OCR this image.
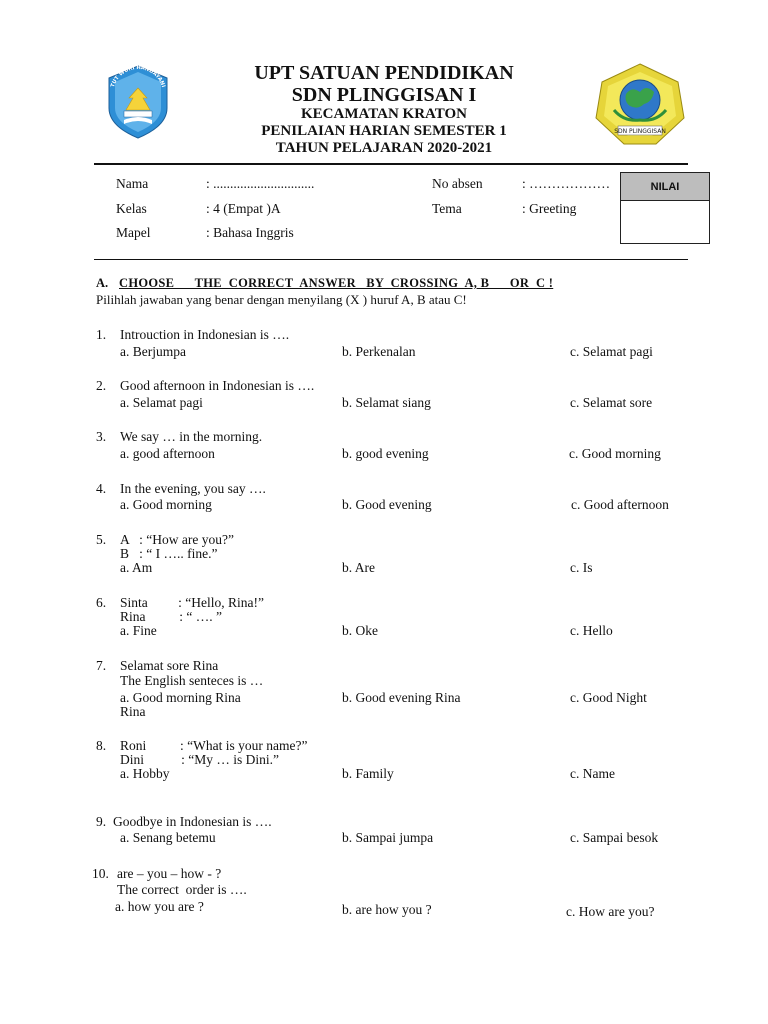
UPT SATUAN PENDIDIKAN
SDN PLINGGISAN I
KECAMATAN KRATON
PENILAIAN HARIAN SEMESTER 1
TAHUN PELAJARAN 2020-2021
TUT WURI HANDAYANI
SDN PLINGGISAN
Nama	: ..............................
Kelas	: 4 (Empat )A
Mapel	: Bahasa Inggris
No absen	: ………………
Tema	: Greeting
NILAI
A. CHOOSE      THE  CORRECT  ANSWER   BY  CROSSING  A, B      OR  C !
Pilihlah jawaban yang benar dengan menyilang (X ) huruf A, B atau C!
1. Introuction in Indonesian is ….
a. Berjumpa	b. Perkenalan	c. Selamat pagi
2. Good afternoon in Indonesian is ….
a. Selamat pagi	b. Selamat siang	c. Selamat sore
3. We say … in the morning.
a. good afternoon	b. good evening	c. Good morning
4. In the evening, you say ….
a. Good morning	b. Good evening	c. Good afternoon
5. A   : “How are you?”
B   : “ I ….. fine.”
a. Am	b. Are	c. Is
6. Sinta         : “Hello, Rina!”
Rina          : “ …. ”
a. Fine	b. Oke	c. Hello
7. Selamat sore Rina
The English senteces is …
a. Good morning Rina
Rina
b. Good evening Rina	c. Good Night
8. Roni          : “What is your name?”
Dini           : “My … is Dini.”
a. Hobby	b. Family	c. Name
9. Goodbye in Indonesian is ….
a. Senang betemu	b. Sampai jumpa	c. Sampai besok
10. are – you – how - ?
The correct  order is ….
a. how you are ?	b. are how you ?	c. How are you?
